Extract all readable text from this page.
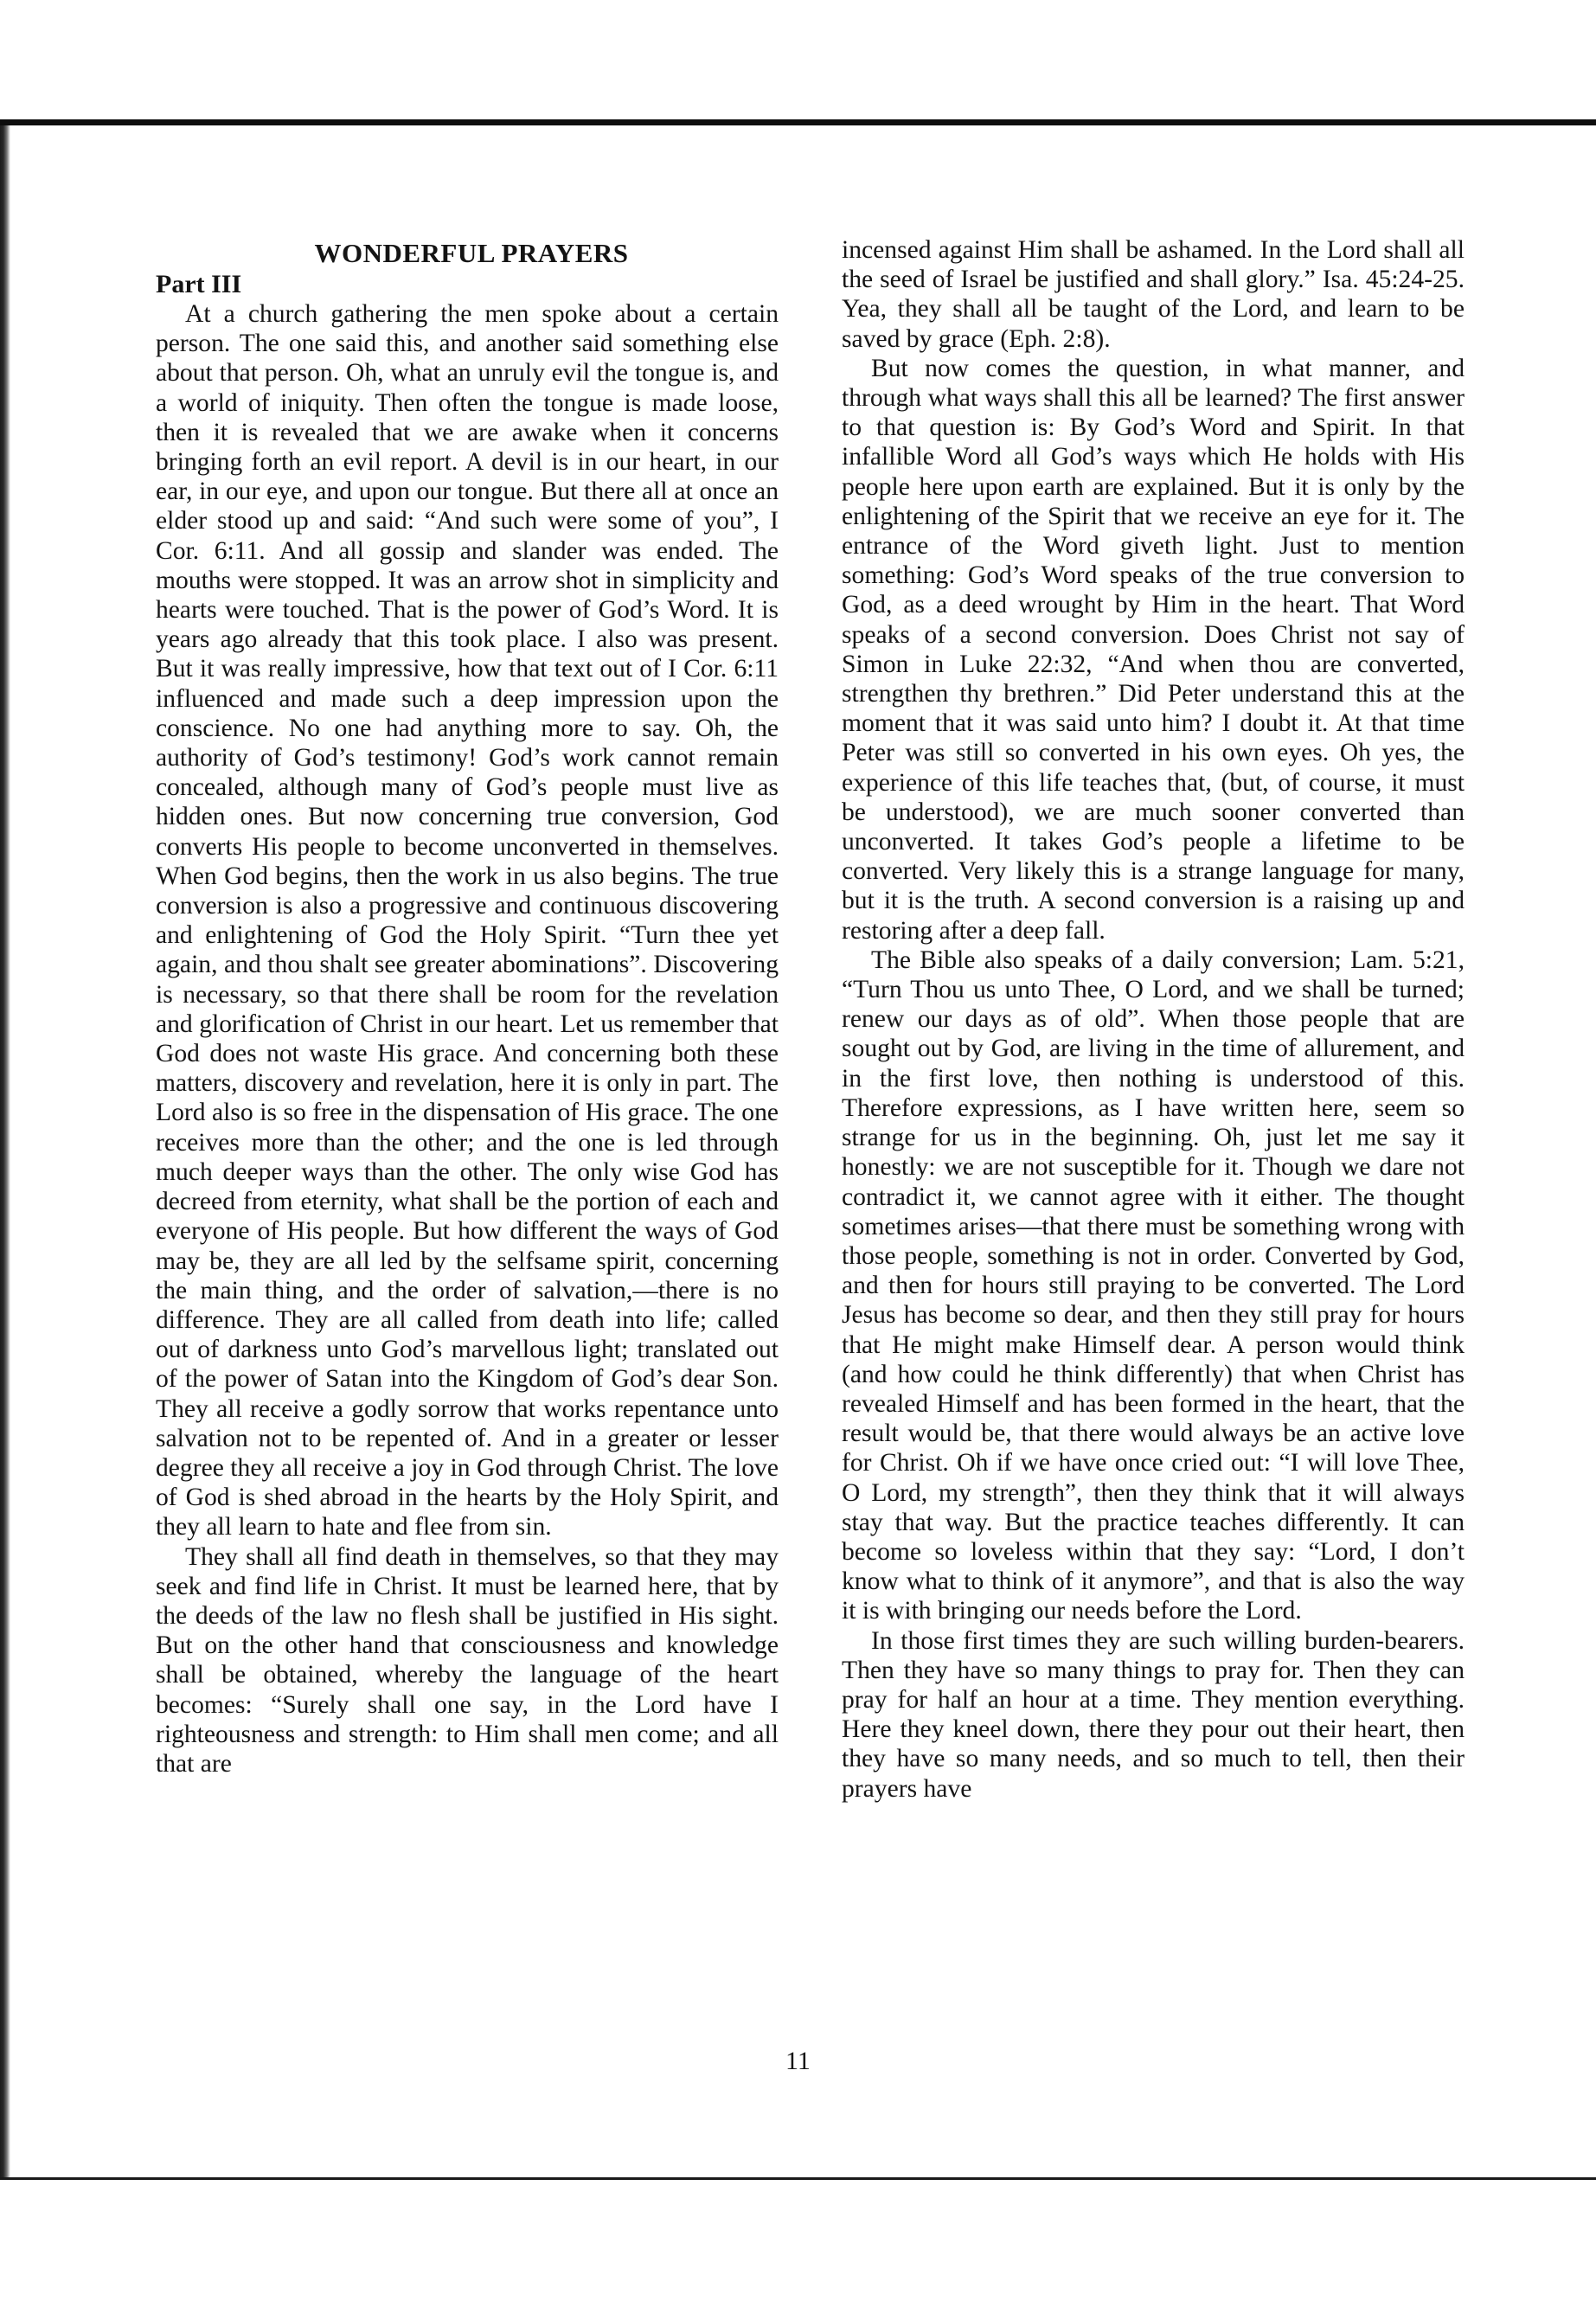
WONDERFUL PRAYERS
Part III

At a church gathering the men spoke about a certain person. The one said this, and another said something else about that person. Oh, what an unruly evil the tongue is, and a world of iniquity. Then often the tongue is made loose, then it is revealed that we are awake when it concerns bringing forth an evil report. A devil is in our heart, in our ear, in our eye, and upon our tongue. But there all at once an elder stood up and said: “And such were some of you”, I Cor. 6:11. And all gossip and slander was ended. The mouths were stopped. It was an arrow shot in simplicity and hearts were touched. That is the power of God’s Word. It is years ago already that this took place. I also was present. But it was really impressive, how that text out of I Cor. 6:11 influenced and made such a deep impression upon the conscience. No one had anything more to say. Oh, the authority of God’s testimony! God’s work cannot remain concealed, although many of God’s people must live as hidden ones. But now concerning true conversion, God converts His people to become unconverted in themselves. When God begins, then the work in us also begins. The true conversion is also a progressive and continuous discovering and enlightening of God the Holy Spirit. “Turn thee yet again, and thou shalt see greater abominations”. Discovering is necessary, so that there shall be room for the revelation and glorification of Christ in our heart. Let us remember that God does not waste His grace. And concerning both these matters, discovery and revelation, here it is only in part. The Lord also is so free in the dispensation of His grace. The one receives more than the other; and the one is led through much deeper ways than the other. The only wise God has decreed from eternity, what shall be the portion of each and everyone of His people. But how different the ways of God may be, they are all led by the selfsame spirit, concerning the main thing, and the order of salvation,—there is no difference. They are all called from death into life; called out of darkness unto God’s marvellous light; translated out of the power of Satan into the Kingdom of God’s dear Son. They all receive a godly sorrow that works repentance unto salvation not to be repented of. And in a greater or lesser degree they all receive a joy in God through Christ. The love of God is shed abroad in the hearts by the Holy Spirit, and they all learn to hate and flee from sin.

They shall all find death in themselves, so that they may seek and find life in Christ. It must be learned here, that by the deeds of the law no flesh shall be justified in His sight. But on the other hand that consciousness and knowledge shall be obtained, whereby the language of the heart becomes: “Surely shall one say, in the Lord have I righteousness and strength: to Him shall men come; and all that are

incensed against Him shall be ashamed. In the Lord shall all the seed of Israel be justified and shall glory.” Isa. 45:24-25. Yea, they shall all be taught of the Lord, and learn to be saved by grace (Eph. 2:8).

But now comes the question, in what manner, and through what ways shall this all be learned? The first answer to that question is: By God’s Word and Spirit. In that infallible Word all God’s ways which He holds with His people here upon earth are explained. But it is only by the enlightening of the Spirit that we receive an eye for it. The entrance of the Word giveth light. Just to mention something: God’s Word speaks of the true conversion to God, as a deed wrought by Him in the heart. That Word speaks of a second conversion. Does Christ not say of Simon in Luke 22:32, “And when thou are converted, strengthen thy brethren.” Did Peter understand this at the moment that it was said unto him? I doubt it. At that time Peter was still so converted in his own eyes. Oh yes, the experience of this life teaches that, (but, of course, it must be understood), we are much sooner converted than unconverted. It takes God’s people a lifetime to be converted. Very likely this is a strange language for many, but it is the truth. A second conversion is a raising up and restoring after a deep fall.

The Bible also speaks of a daily conversion; Lam. 5:21, “Turn Thou us unto Thee, O Lord, and we shall be turned; renew our days as of old”. When those people that are sought out by God, are living in the time of allurement, and in the first love, then nothing is understood of this. Therefore expressions, as I have written here, seem so strange for us in the beginning. Oh, just let me say it honestly: we are not susceptible for it. Though we dare not contradict it, we cannot agree with it either. The thought sometimes arises—that there must be something wrong with those people, something is not in order. Converted by God, and then for hours still praying to be converted. The Lord Jesus has become so dear, and then they still pray for hours that He might make Himself dear. A person would think (and how could he think differently) that when Christ has revealed Himself and has been formed in the heart, that the result would be, that there would always be an active love for Christ. Oh if we have once cried out: “I will love Thee, O Lord, my strength”, then they think that it will always stay that way. But the practice teaches differently. It can become so loveless within that they say: “Lord, I don’t know what to think of it anymore”, and that is also the way it is with bringing our needs before the Lord.

In those first times they are such willing burden-bearers. Then they have so many things to pray for. Then they can pray for half an hour at a time. They mention everything. Here they kneel down, there they pour out their heart, then they have so many needs, and so much to tell, then their prayers have

11
